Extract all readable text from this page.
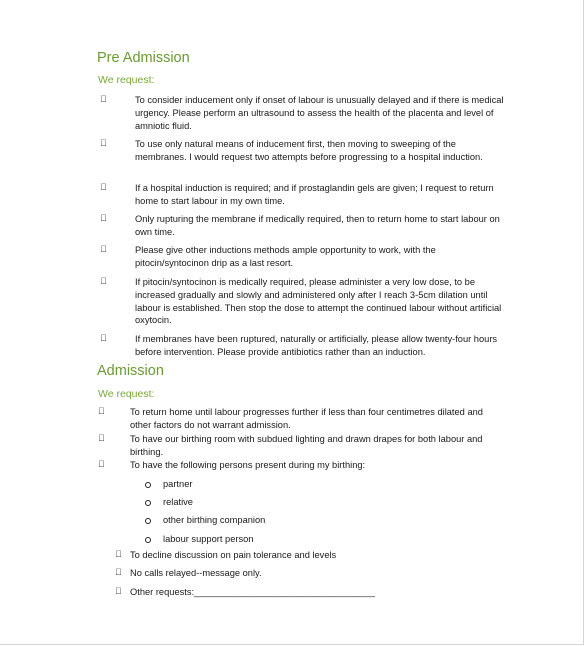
Pre Admission

We request:

To consider inducement only if onset of labour is unusually delayed and if there is medical urgency. Please perform an ultrasound to assess the health of the placenta and level of amniotic fluid.
To use only natural means of inducement first, then moving to sweeping of the membranes. I would request two attempts before progressing to a hospital induction.
If a hospital induction is required; and if prostaglandin gels are given; I request to return home to start labour in my own time.
Only rupturing the membrane if medically required, then to return home to start labour on own time.
Please give other inductions methods ample opportunity to work, with the pitocin/syntocinon drip as a last resort.
If pitocin/syntocinon is medically required, please administer a very low dose, to be increased gradually and slowly and administered only after I reach 3-5cm dilation until labour is established. Then stop the dose to attempt the continued labour without artificial oxytocin.
If membranes have been ruptured, naturally or artificially, please allow twenty-four hours before intervention. Please provide antibiotics rather than an induction.
Admission

We request:

To return home until labour progresses further if less than four centimetres dilated and other factors do not warrant admission.
To have our birthing room with subdued lighting and drawn drapes for both labour and birthing.
To have the following persons present during my birthing:
partner
relative
other birthing companion
labour support person
To decline discussion on pain tolerance and levels
No calls relayed--message only.
Other requests:___________________________________
